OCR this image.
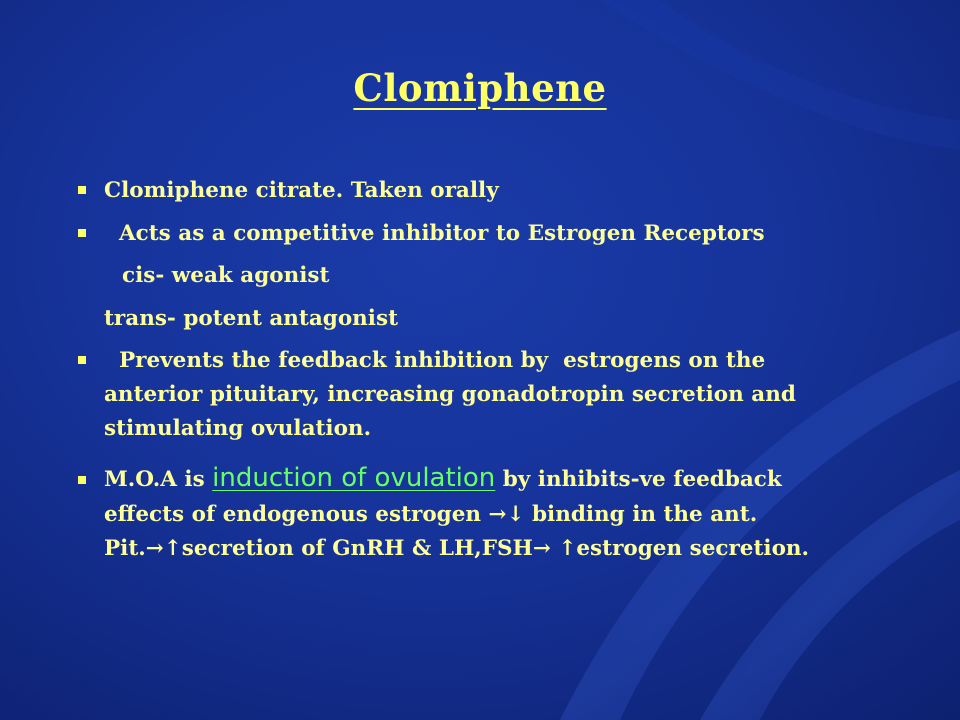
Clomiphene
Clomiphene citrate. Taken orally
Acts as a competitive inhibitor to Estrogen Receptors
cis- weak agonist
trans- potent antagonist
Prevents the feedback inhibition by  estrogens on the
anterior pituitary, increasing gonadotropin secretion and
stimulating ovulation.
M.O.A is induction of ovulation by inhibits-ve feedback
effects of endogenous estrogen →↓ binding in the ant.
Pit.→↑secretion of GnRH & LH,FSH→ ↑estrogen secretion.
